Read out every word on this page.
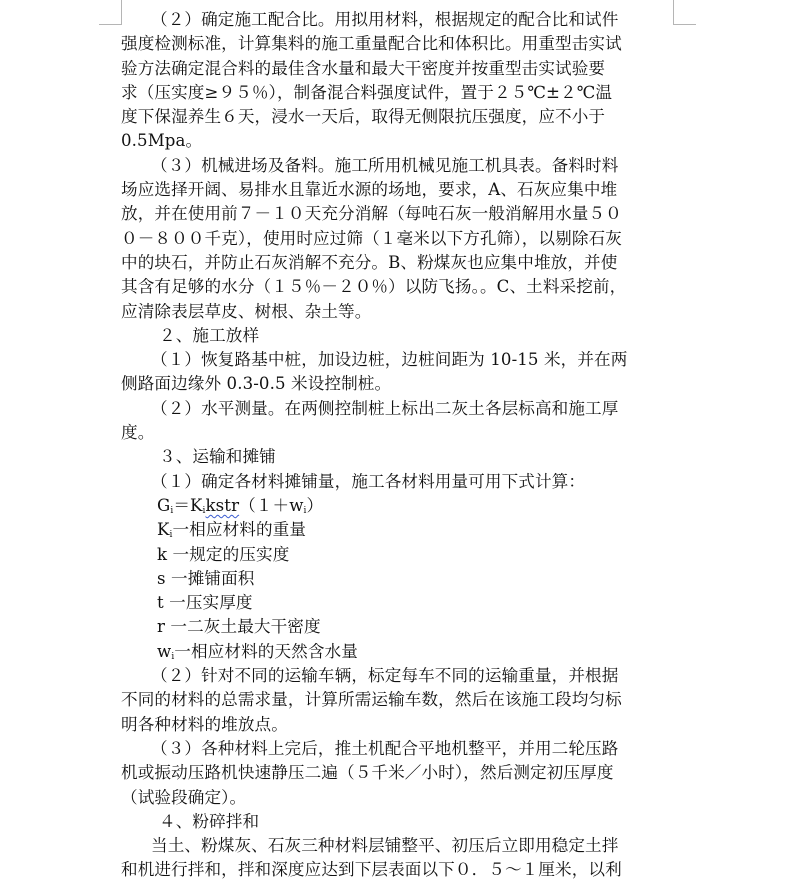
（２）确定施工配合比。用拟用材料，根据规定的配合比和试件
强度检测标准，计算集料的施工重量配合比和体积比。用重型击实试
验方法确定混合料的最佳含水量和最大干密度并按重型击实试验要
求（压实度≥９５％），制备混合料强度试件，置于２５℃±２℃温
度下保湿养生６天，浸水一天后，取得无侧限抗压强度，应不小于
0.5Mpa。
（３）机械进场及备料。施工所用机械见施工机具表。备料时料
场应选择开阔、易排水且靠近水源的场地，要求，A、石灰应集中堆
放，并在使用前７－１０天充分消解（每吨石灰一般消解用水量５０
０－８００千克），使用时应过筛（１毫米以下方孔筛），以剔除石灰
中的块石，并防止石灰消解不充分。B、粉煤灰也应集中堆放，并使
其含有足够的水分（１５％－２０％）以防飞扬。。C、土料采挖前，
应清除表层草皮、树根、杂土等。
２、施工放样
（１）恢复路基中桩，加设边桩，边桩间距为 10-15 米，并在两
侧路面边缘外 0.3-0.5 米设控制桩。
（２）水平测量。在两侧控制桩上标出二灰土各层标高和施工厚
度。
３、运输和摊铺
（１）确定各材料摊铺量，施工各材料用量可用下式计算：
$G_i=K_ikstr(1+w_i)$
$K_i$一相应材料的重量
k 一规定的压实度
s 一摊铺面积
t 一压实厚度
r 一二灰土最大干密度
$w_i$一相应材料的天然含水量
（２）针对不同的运输车辆，标定每车不同的运输重量，并根据
不同的材料的总需求量，计算所需运输车数，然后在该施工段均匀标
明各种材料的堆放点。
（３）各种材料上完后，推土机配合平地机整平，并用二轮压路
机或振动压路机快速静压二遍（５千米／小时），然后测定初压厚度
（试验段确定）。
４、粉碎拌和
当土、粉煤灰、石灰三种材料层铺整平、初压后立即用稳定土拌
和机进行拌和，拌和深度应达到下层表面以下０．５～１厘米，以利
